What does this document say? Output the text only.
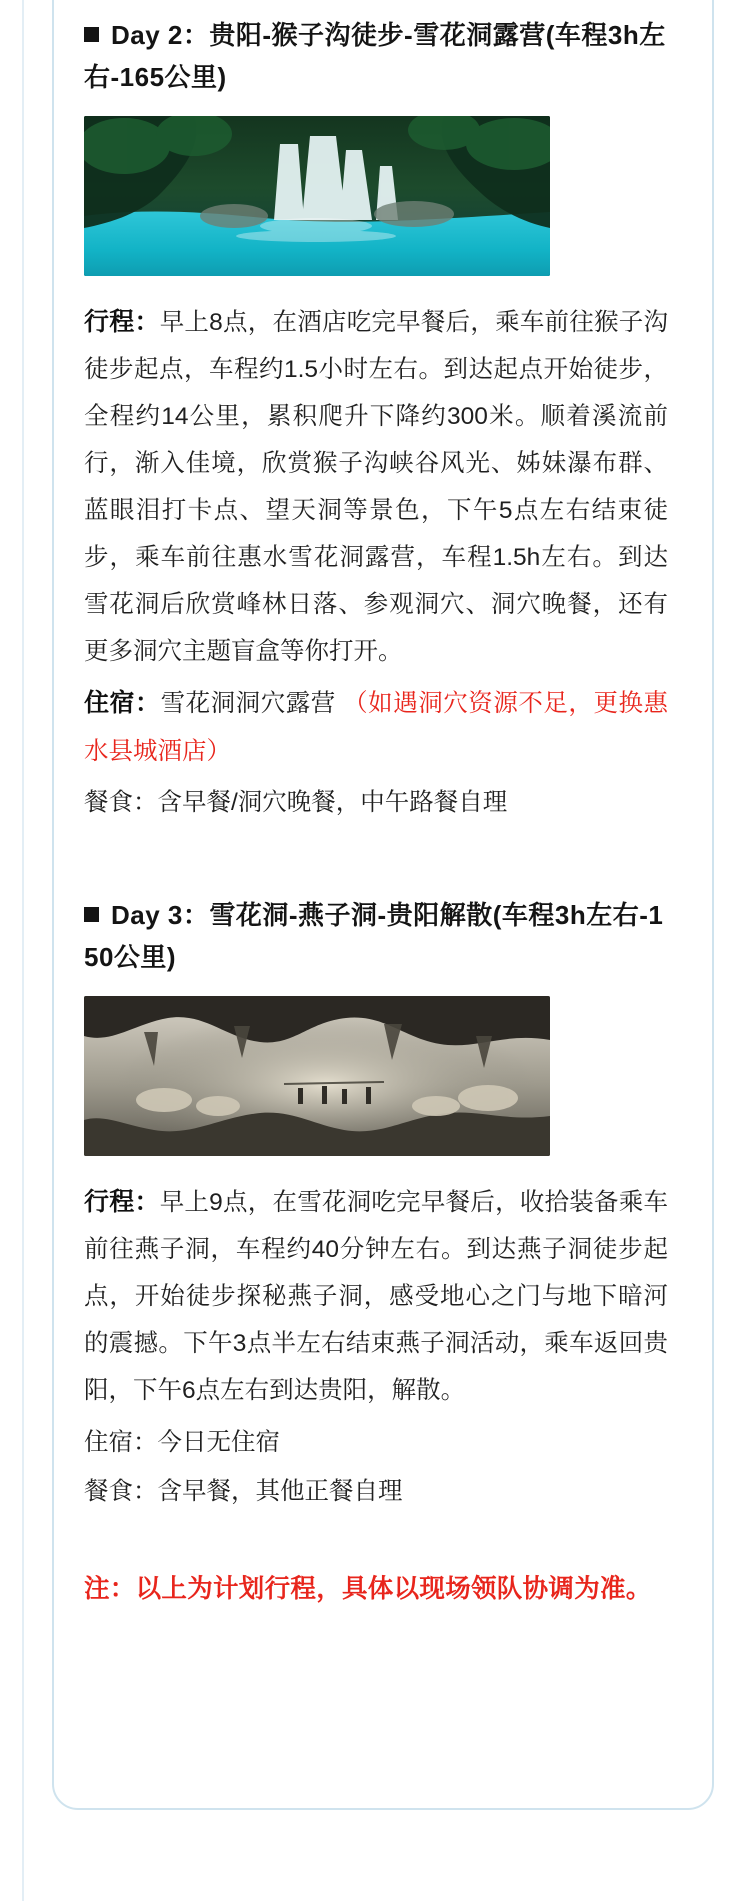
Day 2：贵阳-猴子沟徒步-雪花洞露营(车程3h左右-165公里)

行程：早上8点，在酒店吃完早餐后，乘车前往猴子沟徒步起点，车程约1.5小时左右。到达起点开始徒步，全程约14公里，累积爬升下降约300米。顺着溪流前行，渐入佳境，欣赏猴子沟峡谷风光、姊妹瀑布群、蓝眼泪打卡点、望天洞等景色，下午5点左右结束徒步，乘车前往惠水雪花洞露营，车程1.5h左右。到达雪花洞后欣赏峰林日落、参观洞穴、洞穴晚餐，还有更多洞穴主题盲盒等你打开。

住宿：雪花洞洞穴露营 （如遇洞穴资源不足，更换惠水县城酒店）

餐食：含早餐/洞穴晚餐，中午路餐自理

Day 3：雪花洞-燕子洞-贵阳解散(车程3h左右-150公里)

行程：早上9点，在雪花洞吃完早餐后，收拾装备乘车前往燕子洞，车程约40分钟左右。到达燕子洞徒步起点，开始徒步探秘燕子洞，感受地心之门与地下暗河的震撼。下午3点半左右结束燕子洞活动，乘车返回贵阳，下午6点左右到达贵阳，解散。

住宿：今日无住宿

餐食：含早餐，其他正餐自理

注：以上为计划行程，具体以现场领队协调为准。
